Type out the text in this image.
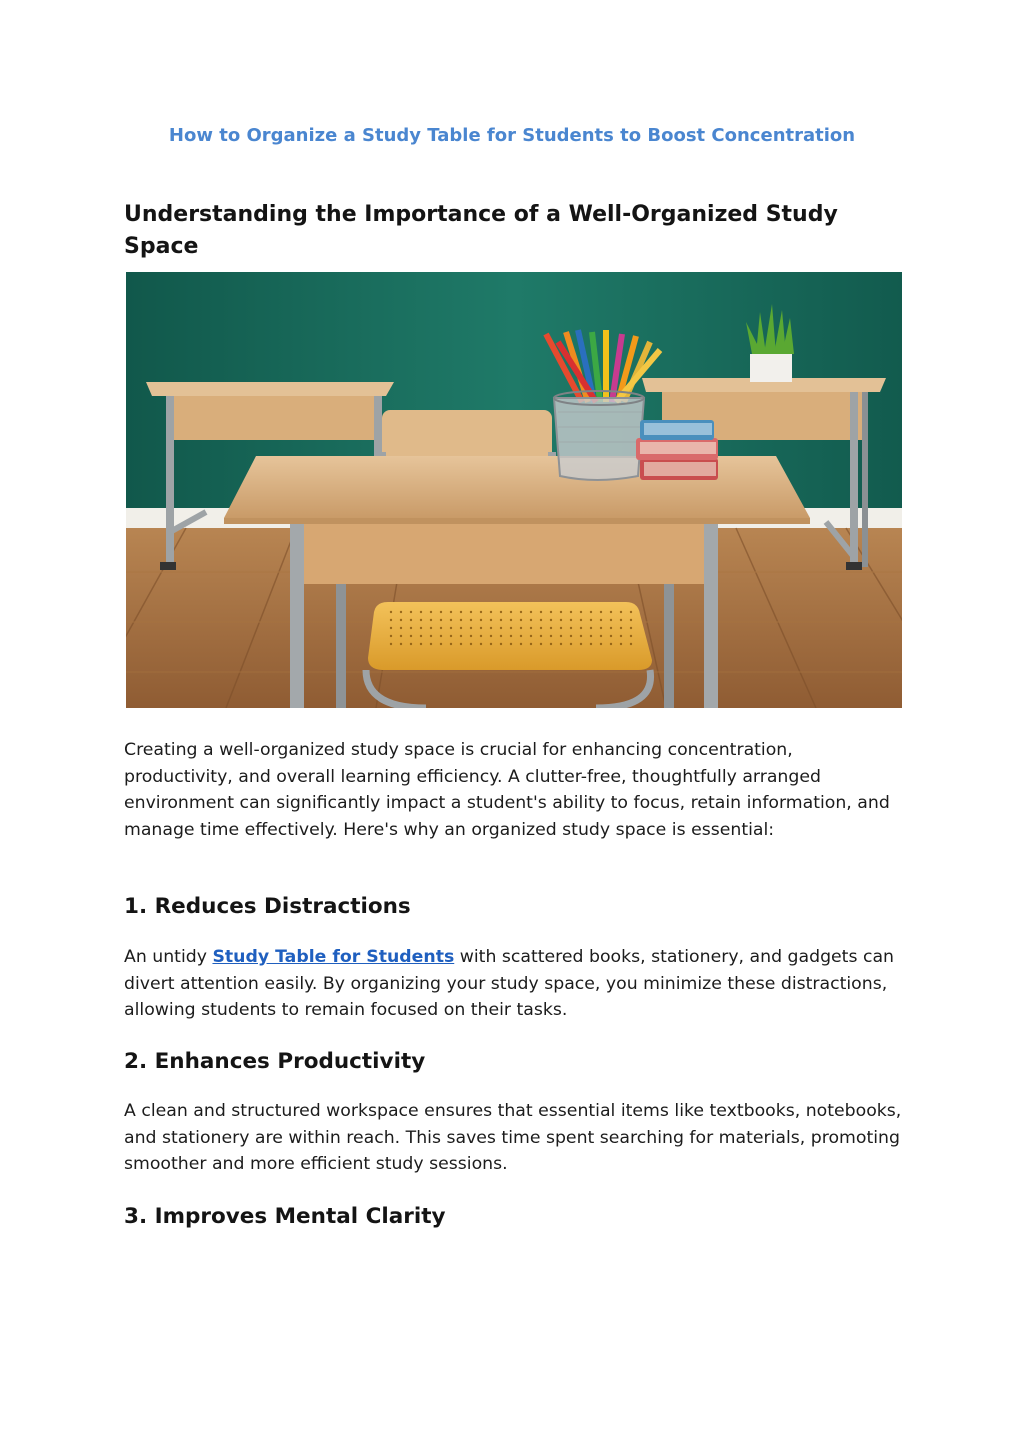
How to Organize a Study Table for Students to Boost Concentration
Understanding the Importance of a Well-Organized Study Space
Creating a well-organized study space is crucial for enhancing concentration, productivity, and overall learning efficiency. A clutter-free, thoughtfully arranged environment can significantly impact a student's ability to focus, retain information, and manage time effectively. Here's why an organized study space is essential:
1. Reduces Distractions
An untidy Study Table for Students with scattered books, stationery, and gadgets can divert attention easily. By organizing your study space, you minimize these distractions, allowing students to remain focused on their tasks.
2. Enhances Productivity
A clean and structured workspace ensures that essential items like textbooks, notebooks, and stationery are within reach. This saves time spent searching for materials, promoting smoother and more efficient study sessions.
3. Improves Mental Clarity
